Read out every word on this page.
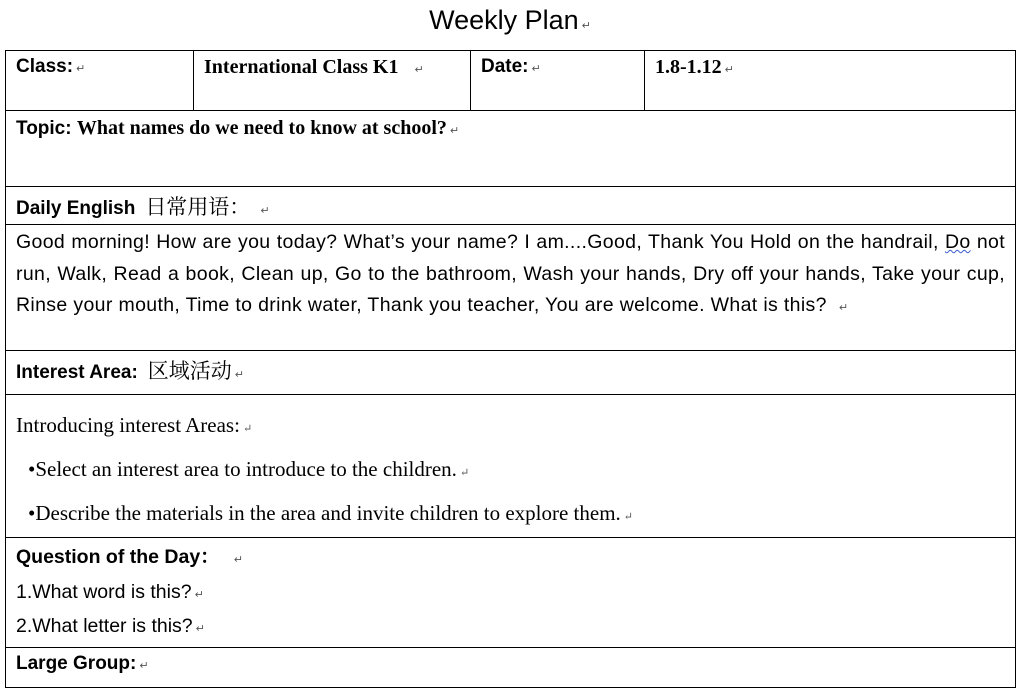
Weekly Plan ↵
Class: ↵	International Class K1 ↵	Date: ↵	1.8-1.12 ↵
Topic: What names do we need to know at school? ↵
Daily English 日常用语： ↵
Good morning! How are you today? What’s your name? I am....Good, Thank You Hold on the handrail, Do not run, Walk, Read a book, Clean up, Go to the bathroom, Wash your hands, Dry off your hands, Take your cup, Rinse your mouth, Time to drink water, Thank you teacher, You are welcome. What is this? ↵
Interest Area: 区域活动 ↵

Introducing interest Areas: ↵

•Select an interest area to introduce to the children. ↵

•Describe the materials in the area and invite children to explore them. ↵

Question of the Day： ↵
1.What word is this? ↵
2.What letter is this? ↵

Large Group: ↵
